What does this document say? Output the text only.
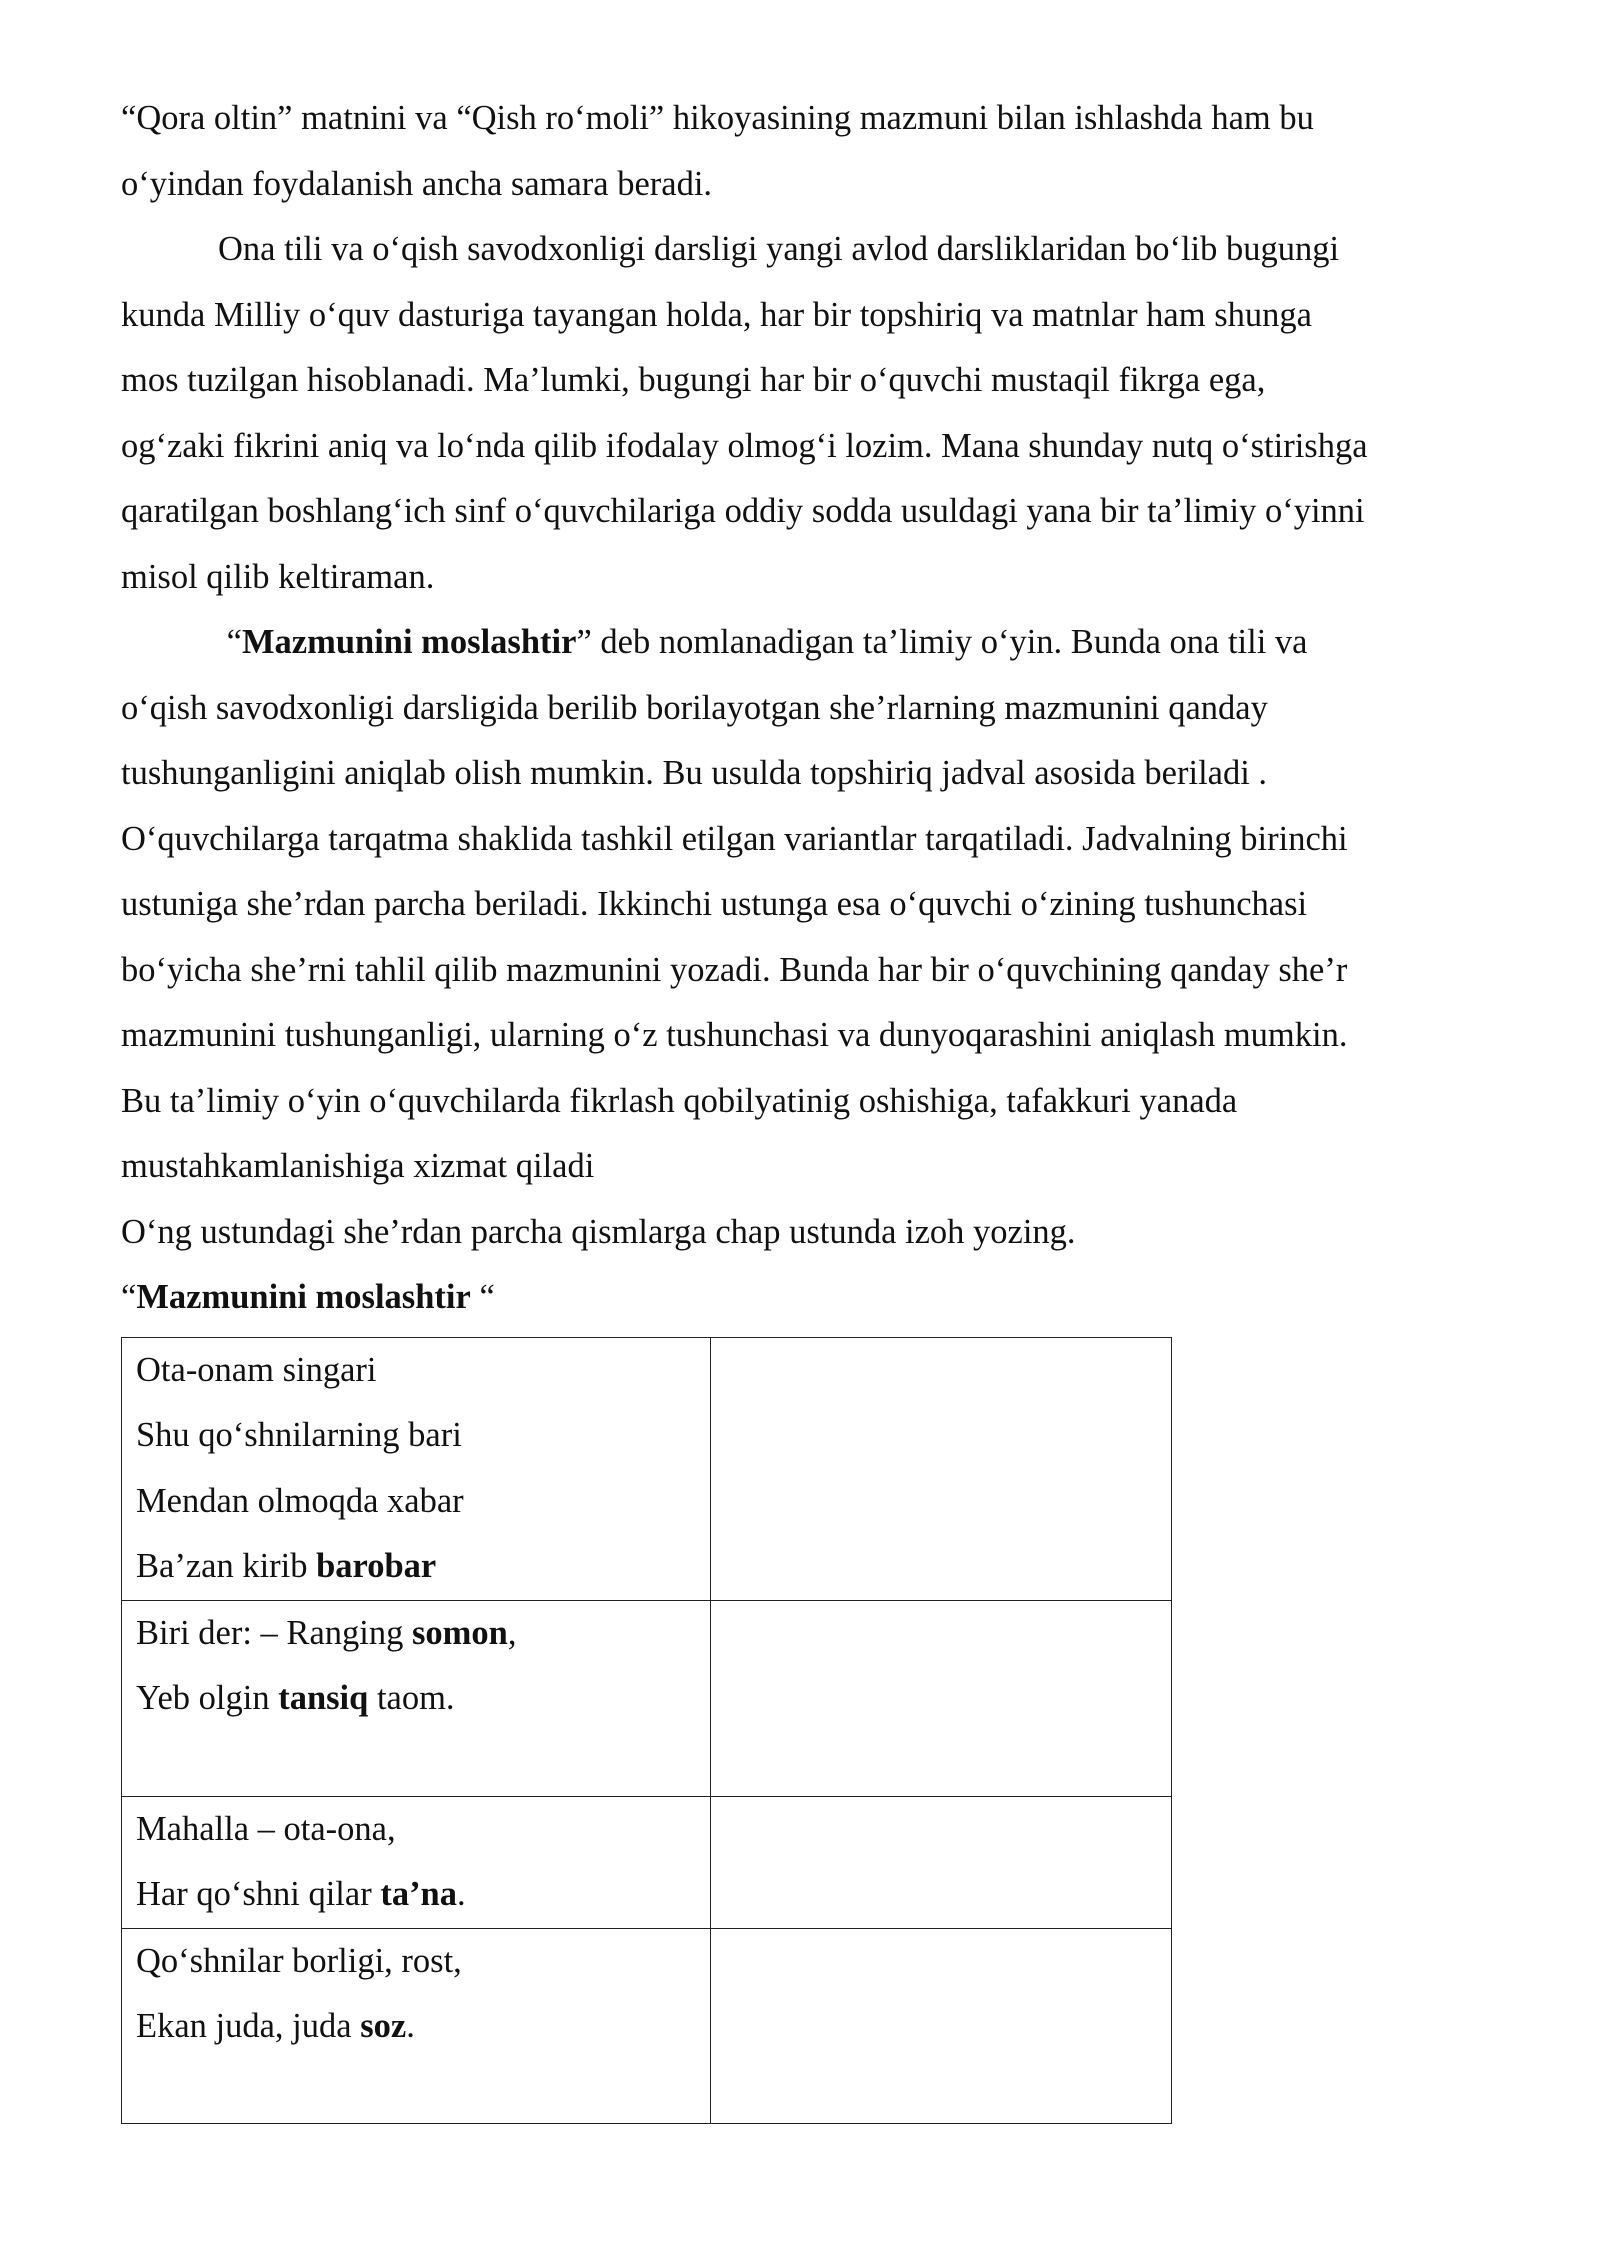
“Qora oltin” matnini va “Qish ro‘moli” hikoyasining mazmuni bilan ishlashda ham bu
o‘yindan foydalanish ancha samara beradi.

Ona tili va o‘qish savodxonligi darsligi yangi avlod darsliklaridan bo‘lib bugungi
kunda Milliy o‘quv dasturiga tayangan holda, har bir topshiriq va matnlar ham shunga
mos tuzilgan hisoblanadi. Ma’lumki, bugungi har bir o‘quvchi mustaqil fikrga ega,
og‘zaki fikrini aniq va lo‘nda qilib ifodalay olmog‘i lozim. Mana shunday nutq o‘stirishga
qaratilgan boshlang‘ich sinf o‘quvchilariga oddiy sodda usuldagi yana bir ta’limiy o‘yinni
misol qilib keltiraman.

“Mazmunini moslashtir” deb nomlanadigan ta’limiy o‘yin. Bunda ona tili va
o‘qish savodxonligi darsligida berilib borilayotgan she’rlarning mazmunini qanday
tushunganligini aniqlab olish mumkin. Bu usulda topshiriq jadval asosida beriladi .
O‘quvchilarga tarqatma shaklida tashkil etilgan variantlar tarqatiladi. Jadvalning birinchi
ustuniga she’rdan parcha beriladi. Ikkinchi ustunga esa o‘quvchi o‘zining tushunchasi
bo‘yicha she’rni tahlil qilib mazmunini yozadi. Bunda har bir o‘quvchining qanday she’r
mazmunini tushunganligi, ularning o‘z tushunchasi va dunyoqarashini aniqlash mumkin.
Bu ta’limiy o‘yin o‘quvchilarda fikrlash qobilyatinig oshishiga, tafakkuri yanada
mustahkamlanishiga xizmat qiladi

O‘ng ustundagi she’rdan parcha qismlarga chap ustunda izoh yozing.

“Mazmunini moslashtir “

Ota-onam singari
Shu qo‘shnilarning bari
Mendan olmoqda xabar
Ba’zan kirib barobar	

Biri der: – Ranging somon,
Yeb olgin tansiq taom.	

Mahalla – ota-ona,
Har qo‘shni qilar ta’na.	

Qo‘shnilar borligi, rost,
Ekan juda, juda soz.	
